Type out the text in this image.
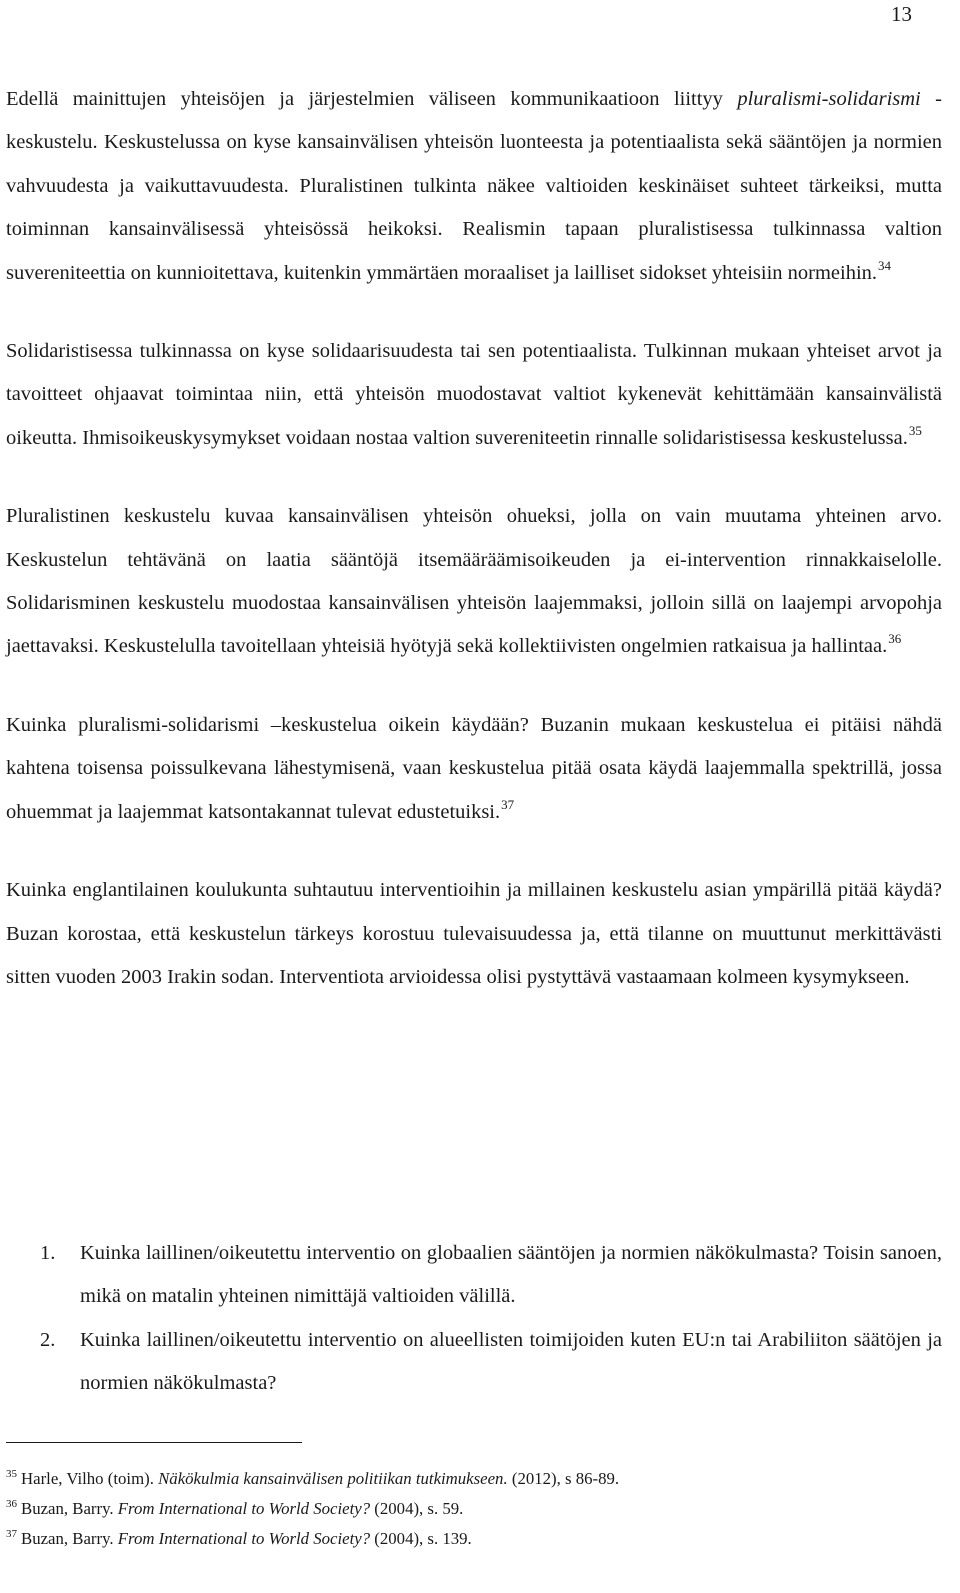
13

Edellä mainittujen yhteisöjen ja järjestelmien väliseen kommunikaatioon liittyy pluralismi-solidarismi -keskustelu. Keskustelussa on kyse kansainvälisen yhteisön luonteesta ja potentiaalista sekä sääntöjen ja normien vahvuudesta ja vaikuttavuudesta. Pluralistinen tulkinta näkee valtioiden keskinäiset suhteet tärkeiksi, mutta toiminnan kansainvälisessä yhteisössä heikoksi. Realismin tapaan pluralistisessa tulkinnassa valtion suvereniteettia on kunnioitettava, kuitenkin ymmärtäen moraaliset ja lailliset sidokset yhteisiin normeihin.$^{34}$

Solidaristisessa tulkinnassa on kyse solidaarisuudesta tai sen potentiaalista. Tulkinnan mukaan yhteiset arvot ja tavoitteet ohjaavat toimintaa niin, että yhteisön muodostavat valtiot kykenevät kehittämään kansainvälistä oikeutta. Ihmisoikeuskysymykset voidaan nostaa valtion suvereniteetin rinnalle solidaristisessa keskustelussa.$^{35}$

Pluralistinen keskustelu kuvaa kansainvälisen yhteisön ohueksi, jolla on vain muutama yhteinen arvo. Keskustelun tehtävänä on laatia sääntöjä itsemääräämisoikeuden ja ei-intervention rinnakkaiselolle. Solidarisminen keskustelu muodostaa kansainvälisen yhteisön laajemmaksi, jolloin sillä on laajempi arvopohja jaettavaksi. Keskustelulla tavoitellaan yhteisiä hyötyjä sekä kollektiivisten ongelmien ratkaisua ja hallintaa.$^{36}$

Kuinka pluralismi-solidarismi –keskustelua oikein käydään? Buzanin mukaan keskustelua ei pitäisi nähdä kahtena toisensa poissulkevana lähestymisenä, vaan keskustelua pitää osata käydä laajemmalla spektrillä, jossa ohuemmat ja laajemmat katsontakannat tulevat edustetuiksi.$^{37}$

Kuinka englantilainen koulukunta suhtautuu interventioihin ja millainen keskustelu asian ympärillä pitää käydä? Buzan korostaa, että keskustelun tärkeys korostuu tulevaisuudessa ja, että tilanne on muuttunut merkittävästi sitten vuoden 2003 Irakin sodan. Interventiota arvioidessa olisi pystyttävä vastaamaan kolmeen kysymykseen.

1. Kuinka laillinen/oikeutettu interventio on globaalien sääntöjen ja normien näkökulmasta? Toisin sanoen, mikä on matalin yhteinen nimittäjä valtioiden välillä.
2. Kuinka laillinen/oikeutettu interventio on alueellisten toimijoiden kuten EU:n tai Arabiliiton säätöjen ja normien näkökulmasta?
$^{35}$ Harle, Vilho (toim). Näkökulmia kansainvälisen politiikan tutkimukseen. (2012), s 86-89.
$^{36}$ Buzan, Barry. From International to World Society? (2004), s. 59.
$^{37}$ Buzan, Barry. From International to World Society? (2004), s. 139.
